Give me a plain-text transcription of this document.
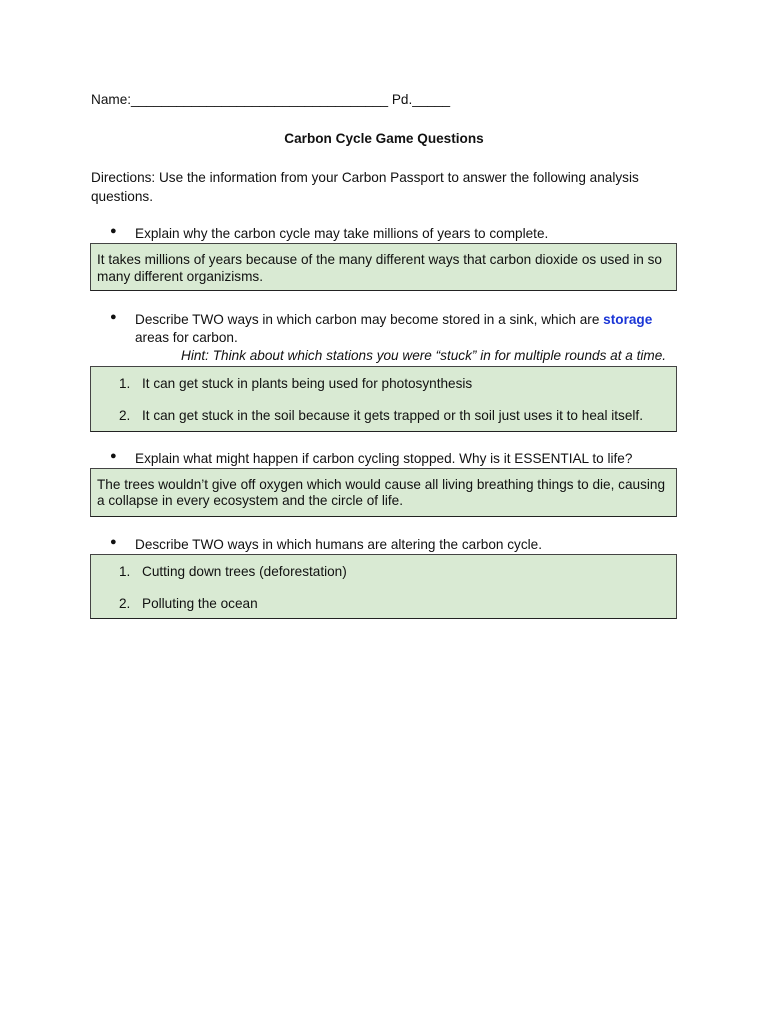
Name:__________________________________ Pd._____
Carbon Cycle Game Questions
Directions: Use the information from your Carbon Passport to answer the following analysis questions.
● Explain why the carbon cycle may take millions of years to complete.
It takes millions of years because of the many different ways that carbon dioxide os used in so many different organizisms.
● Describe TWO ways in which carbon may become stored in a sink, which are storage
areas for carbon.
Hint: Think about which stations you were “stuck” in for multiple rounds at a time.
1. It can get stuck in plants being used for photosynthesis
2. It can get stuck in the soil because it gets trapped or th soil just uses it to heal itself.
● Explain what might happen if carbon cycling stopped. Why is it ESSENTIAL to life?
The trees wouldn’t give off oxygen which would cause all living breathing things to die, causing a collapse in every ecosystem and the circle of life.
● Describe TWO ways in which humans are altering the carbon cycle.
1. Cutting down trees (deforestation)
2. Polluting the ocean
